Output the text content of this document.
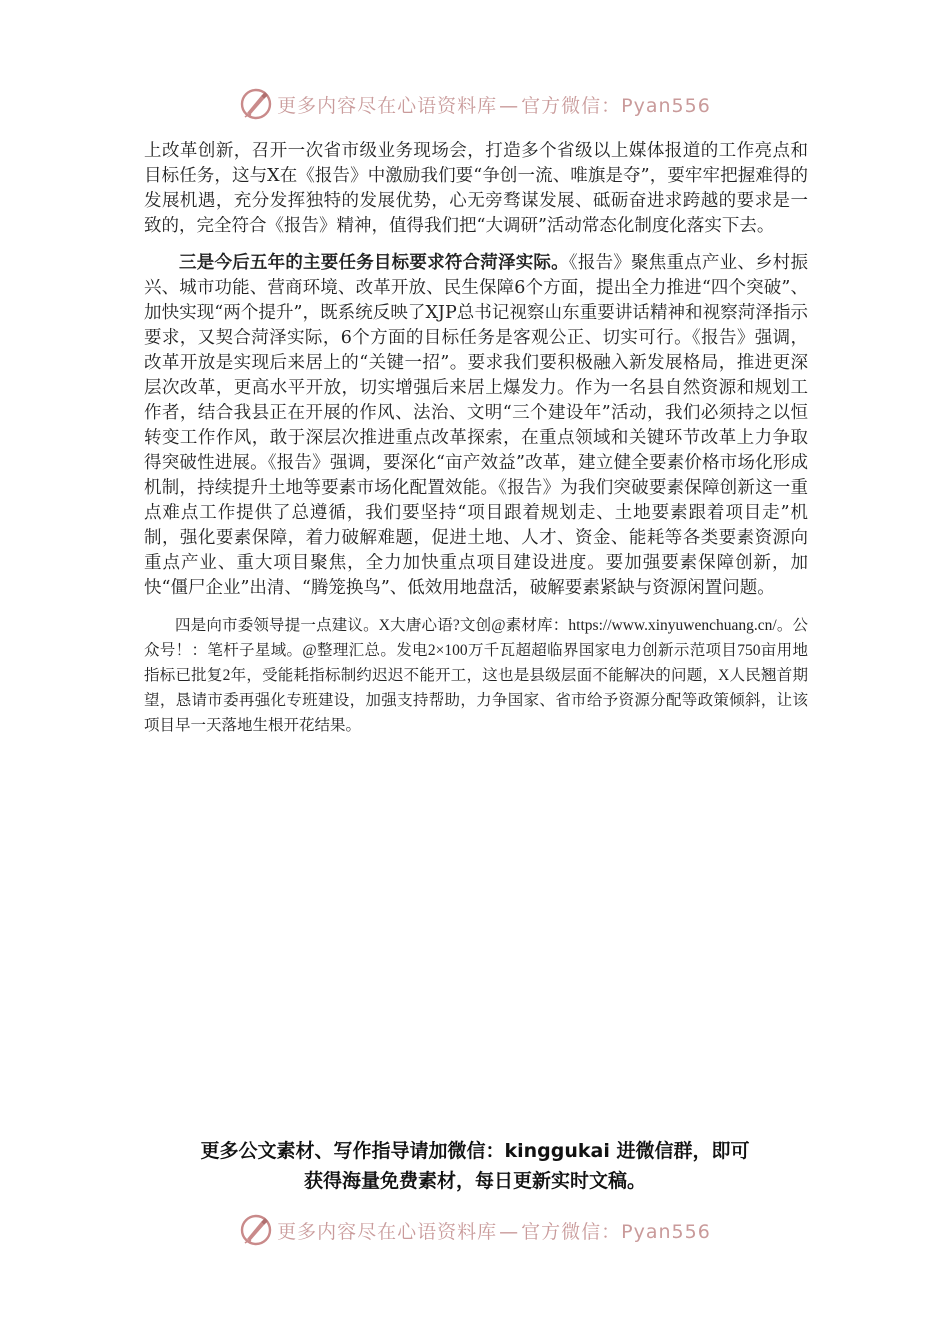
更多内容尽在心语资料库 — 官方微信：Pyan556

上改革创新，召开一次省市级业务现场会，打造多个省级以上媒体报道的工作亮点和目标任务，这与X在《报告》中激励我们要“争创一流、唯旗是夺”，要牢牢把握难得的发展机遇，充分发挥独特的发展优势，心无旁骛谋发展、砥砺奋进求跨越的要求是一致的，完全符合《报告》精神，值得我们把“大调研”活动常态化制度化落实下去。

三是今后五年的主要任务目标要求符合菏泽实际。《报告》聚焦重点产业、乡村振兴、城市功能、营商环境、改革开放、民生保障6个方面，提出全力推进“四个突破”、加快实现“两个提升”，既系统反映了XJP总书记视察山东重要讲话精神和视察菏泽指示要求，又契合菏泽实际，6个方面的目标任务是客观公正、切实可行。《报告》强调，改革开放是实现后来居上的“关键一招”。要求我们要积极融入新发展格局，推进更深层次改革，更高水平开放，切实增强后来居上爆发力。作为一名县自然资源和规划工作者，结合我县正在开展的作风、法治、文明“三个建设年”活动，我们必须持之以恒转变工作作风，敢于深层次推进重点改革探索，在重点领域和关键环节改革上力争取得突破性进展。《报告》强调，要深化“亩产效益”改革，建立健全要素价格市场化形成机制，持续提升土地等要素市场化配置效能。《报告》为我们突破要素保障创新这一重点难点工作提供了总遵循，我们要坚持“项目跟着规划走、土地要素跟着项目走”机制，强化要素保障，着力破解难题，促进土地、人才、资金、能耗等各类要素资源向重点产业、重大项目聚焦，全力加快重点项目建设进度。要加强要素保障创新，加快“僵尸企业”出清、“腾笼换鸟”、低效用地盘活，破解要素紧缺与资源闲置问题。

四是向市委领导提一点建议。X大唐心语?文创@素材库：https://www.xinyuwenchuang.cn/。公众号！：笔杆子星域。@整理汇总。发电2×100万千瓦超超临界国家电力创新示范项目750亩用地指标已批复2年，受能耗指标制约迟迟不能开工，这也是县级层面不能解决的问题，X人民翘首期望，恳请市委再强化专班建设，加强支持帮助，力争国家、省市给予资源分配等政策倾斜，让该项目早一天落地生根开花结果。

更多公文素材、写作指导请加微信：kinggukai 进微信群，即可
获得海量免费素材，每日更新实时文稿。
更多内容尽在心语资料库 — 官方微信：Pyan556
